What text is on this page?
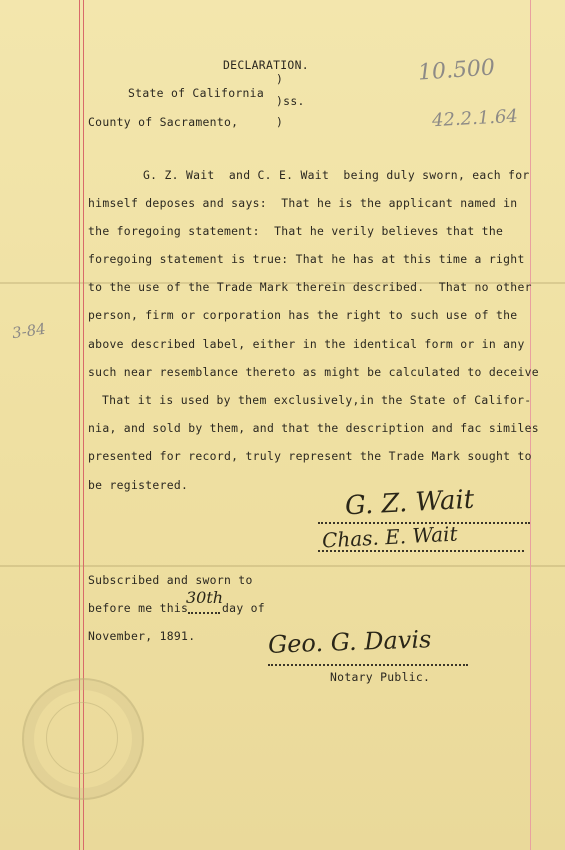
10.500
42.2.1.64
3-84
DECLARATION.
State of California
County of Sacramento,
)
)ss.
)
G. Z. Wait  and C. E. Wait  being duly sworn, each for
himself deposes and says:  That he is the applicant named in
the foregoing statement:  That he verily believes that the
foregoing statement is true: That he has at this time a right
to the use of the Trade Mark therein described.  That no other
person, firm or corporation has the right to such use of the
above described label, either in the identical form or in any
such near resemblance thereto as might be calculated to deceive
That it is used by them exclusively,in the State of Califor-
nia, and sold by them, and that the description and fac similes
presented for record, truly represent the Trade Mark sought to
be registered.	G. Z. Wait
Chas. E. Wait
Subscribed and sworn to
before me this
30th
day of
November, 1891.	Geo. G. Davis
Notary Public.
